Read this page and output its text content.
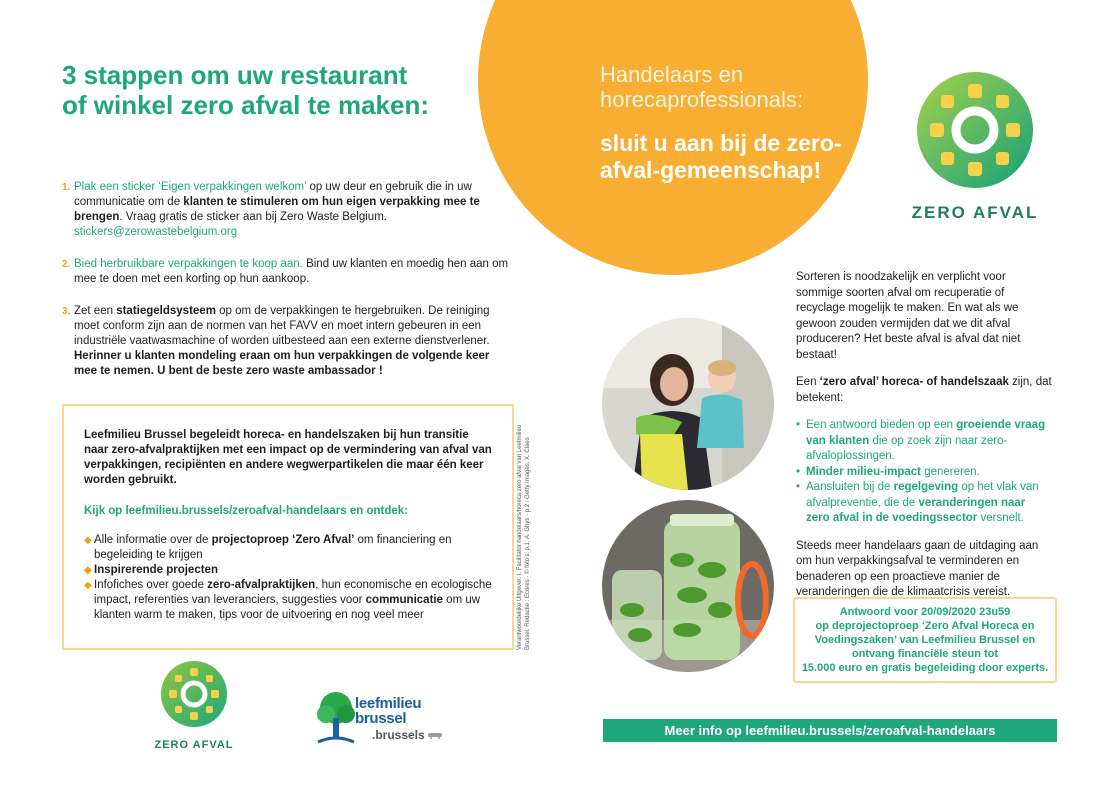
3 stappen om uw restaurant
of winkel zero afval te maken:
1. Plak een sticker ‘Eigen verpakkingen welkom’ op uw deur en gebruik die in uw communicatie om de klanten te stimuleren om hun eigen verpakking mee te brengen. Vraag gratis de sticker aan bij Zero Waste Belgium.
stickers@zerowastebelgium.org
2. Bied herbruikbare verpakkingen te koop aan. Bind uw klanten en moedig hen aan om mee te doen met een korting op hun aankoop.
3. Zet een statiegeldsysteem op om de verpakkingen te hergebruiken. De reiniging moet conform zijn aan de normen van het FAVV en moet intern gebeuren in een industriële vaatwasmachine of worden uitbesteed aan een externe dienstverlener.
Herinner u klanten mondeling eraan om hun verpakkingen de volgende keer mee te nemen. U bent de beste zero waste ambassador !
Leefmilieu Brussel begeleidt horeca- en handelszaken bij hun transitie naar zero-afvalpraktijken met een impact op de vermindering van afval van verpakkingen, recipiënten en andere wegwerpartikelen die maar één keer worden gebruikt.
Kijk op leefmilieu.brussels/zeroafval-handelaars en ontdek:
◆ Alle informatie over de projectoproep ‘Zero Afval’ om financiering en begeleiding te krijgen
◆ Inspirerende projecten
◆ Infofiches over goede zero-afvalpraktijken, hun economische en ecologische impact, referenties van leveranciers, suggesties voor communicatie om uw klanten warm te maken, tips voor de uitvoering en nog veel meer	Verantwoordelijke Uitgever: I. Facilitator handelaars/horeca zero afval van Leefmilieu Brussel. Redactie : Ecores · © foto’s: p.1: A. Ghys · p.2 : Getty Images, X. Claes
ZERO AFVAL
leefmilieu
brussel
.brussels
Handelaars en horecaprofessionals:
sluit u aan bij de zero-afval-gemeenschap!
ZERO AFVAL

Sorteren is noodzakelijk en verplicht voor sommige soorten afval om recuperatie of recyclage mogelijk te maken. En wat als we gewoon zouden vermijden dat we dit afval produceren? Het beste afval is afval dat niet bestaat!

Een ‘zero afval’ horeca- of handelszaak zijn, dat betekent:

• Een antwoord bieden op een groeiende vraag van klanten die op zoek zijn naar zero-afvaloplossingen.
• Minder milieu-impact genereren.
• Aansluiten bij de regelgeving op het vlak van afvalpreventie, die de veranderingen naar zero afval in de voedingssector versnelt.

Steeds meer handelaars gaan de uitdaging aan om hun verpakkingsafval te verminderen en benaderen op een proactieve manier de veranderingen die de klimaatcrisis vereist.

Antwoord voor 20/09/2020 23u59
op deprojectoproep ‘Zero Afval Horeca en
Voedingszaken’ van Leefmilieu Brussel en
ontvang financiële steun tot
15.000 euro en gratis begeleiding door experts.
Meer info op leefmilieu.brussels/zeroafval-handelaars
